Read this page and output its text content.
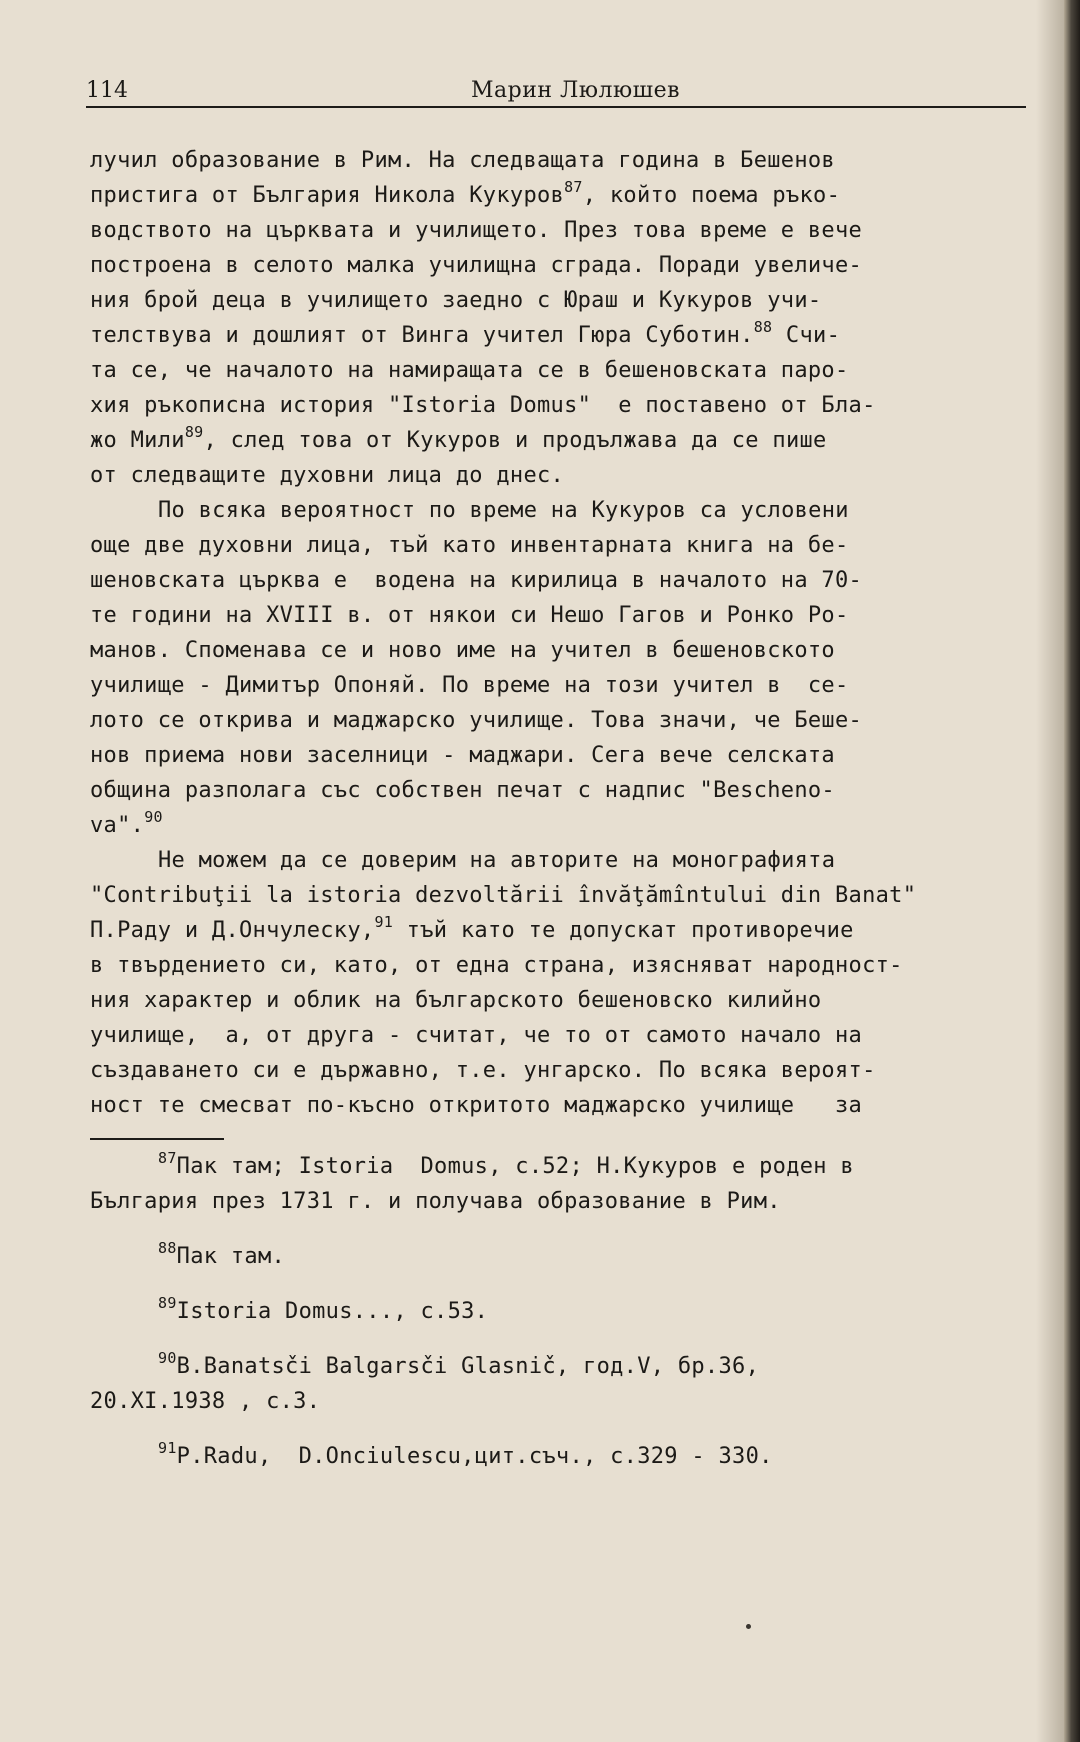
114	Марин Люлюшев
лучил образование в Рим. На следващата година в Бешенов
пристига от България Никола Кукуров$^{87}$, който поема ръко-
водството на църквата и училището. През това време е вече
построена в селото малка училищна сграда. Поради увеличе-
ния брой деца в училището заедно с Юраш и Кукуров учи-
телствува и дошлият от Винга учител Гюра Суботин.$^{88}$ Счи-
та се, че началото на намиращата се в бешеновската паро-
хия ръкописна история "Istoria Domus"  е поставено от Бла-
жо Мили$^{89}$, след това от Кукуров и продължава да се пише
от следващите духовни лица до днес.
По всяка вероятност по време на Кукуров са условени
още две духовни лица, тъй като инвентарната книга на бе-
шеновската църква е  водена на кирилица в началото на 70-
те години на XVIII в. от някои си Нешо Гагов и Ронко Ро-
манов. Споменава се и ново име на учител в бешеновското
училище - Димитър Опоняй. По време на този учител в  се-
лото се открива и маджарско училище. Това значи, че Беше-
нов приема нови заселници - маджари. Сега вече селската
община разполага със собствен печат с надпис "Beschenо-
va".$^{90}$
Не можем да се доверим на авторите на монографията
"Contribuţii la istoria dezvoltării învăţămîntului din Banat"
П.Раду и Д.Ончулеску,$^{91}$ тъй като те допускат противоречие
в твърдението си, като, от една страна, изясняват народност-
ния характер и облик на българското бешеновско килийно
училище,  а, от друга - считат, че то от самото начало на
създаването си е държавно, т.е. унгарско. По всяка вероят-
ност те смесват по-късно откритото маджарско училище   за
$^{87}$Пак там; Istoria  Domus, с.52; Н.Кукуров е роден в
България през 1731 г. и получава образование в Рим.
$^{88}$Пак там.
$^{89}$Istoria Domus..., с.53.
$^{90}$B.Banatsči Balgarsči Glasnič, год.V, бр.36,
20.XI.1938 , с.3.
$^{91}$P.Radu,  D.Onciulescu,цит.съч., с.329 - 330.
